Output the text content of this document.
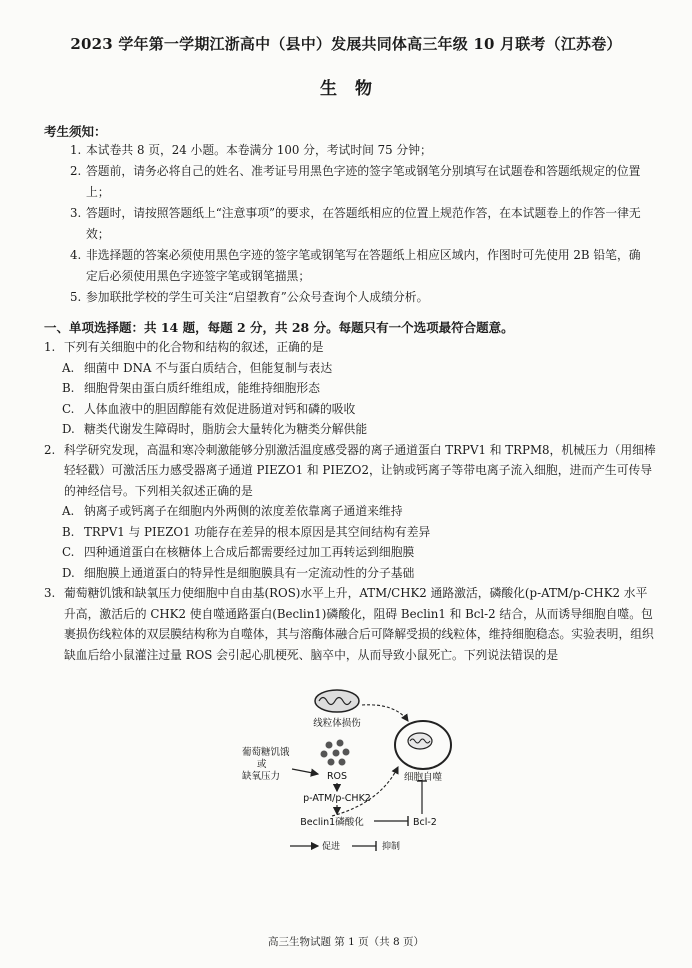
2023 学年第一学期江浙高中（县中）发展共同体高三年级 10 月联考（江苏卷）
生物
考生须知：
1. 本试卷共 8 页，24 小题。本卷满分 100 分，考试时间 75 分钟；
2. 答题前，请务必将自己的姓名、准考证号用黑色字迹的签字笔或钢笔分别填写在试题卷和答题纸规定的位置上；
3. 答题时，请按照答题纸上“注意事项”的要求，在答题纸相应的位置上规范作答，在本试题卷上的作答一律无效；
4. 非选择题的答案必须使用黑色字迹的签字笔或钢笔写在答题纸上相应区域内，作图时可先使用 2B 铅笔，确定后必须使用黑色字迹签字笔或钢笔描黑；
5. 参加联批学校的学生可关注“启望教育”公众号查询个人成绩分析。
一、单项选择题：共 14 题，每题 2 分，共 28 分。每题只有一个选项最符合题意。
1. 下列有关细胞中的化合物和结构的叙述，正确的是
A. 细菌中 DNA 不与蛋白质结合，但能复制与表达
B. 细胞骨架由蛋白质纤维组成，能维持细胞形态
C. 人体血液中的胆固醇能有效促进肠道对钙和磷的吸收
D. 糖类代谢发生障碍时，脂肪会大量转化为糖类分解供能
2. 科学研究发现，高温和寒冷刺激能够分别激活温度感受器的离子通道蛋白 TRPV1 和 TRPM8，机械压力（用细棒轻轻戳）可激活压力感受器离子通道 PIEZO1 和 PIEZO2，让钠或钙离子等带电离子流入细胞，进而产生可传导的神经信号。下列相关叙述正确的是
A. 钠离子或钙离子在细胞内外两侧的浓度差依靠离子通道来维持
B. TRPV1 与 PIEZO1 功能存在差异的根本原因是其空间结构有差异
C. 四种通道蛋白在核糖体上合成后都需要经过加工再转运到细胞膜
D. 细胞膜上通道蛋白的特异性是细胞膜具有一定流动性的分子基础
3. 葡萄糖饥饿和缺氧压力使细胞中自由基(ROS)水平上升，ATM/CHK2 通路激活，磷酸化(p-ATM/p-CHK2 水平升高，激活后的 CHK2 使自噬通路蛋白(Beclin1)磷酸化，阻碍 Beclin1 和 Bcl-2 结合，从而诱导细胞自噬。包裹损伤线粒体的双层膜结构称为自噬体，其与溶酶体融合后可降解受损的线粒体，维持细胞稳态。实验表明，组织缺血后给小鼠灌注过量 ROS 会引起心肌梗死、脑卒中，从而导致小鼠死亡。下列说法错误的是
线粒体损伤
ROS
葡萄糖饥饿
或
缺氧压力
p-ATM/p-CHK2
Beclin1磷酸化	Bcl-2
细胞自噬
促进	抑制
高三生物试题 第 1 页（共 8 页）
